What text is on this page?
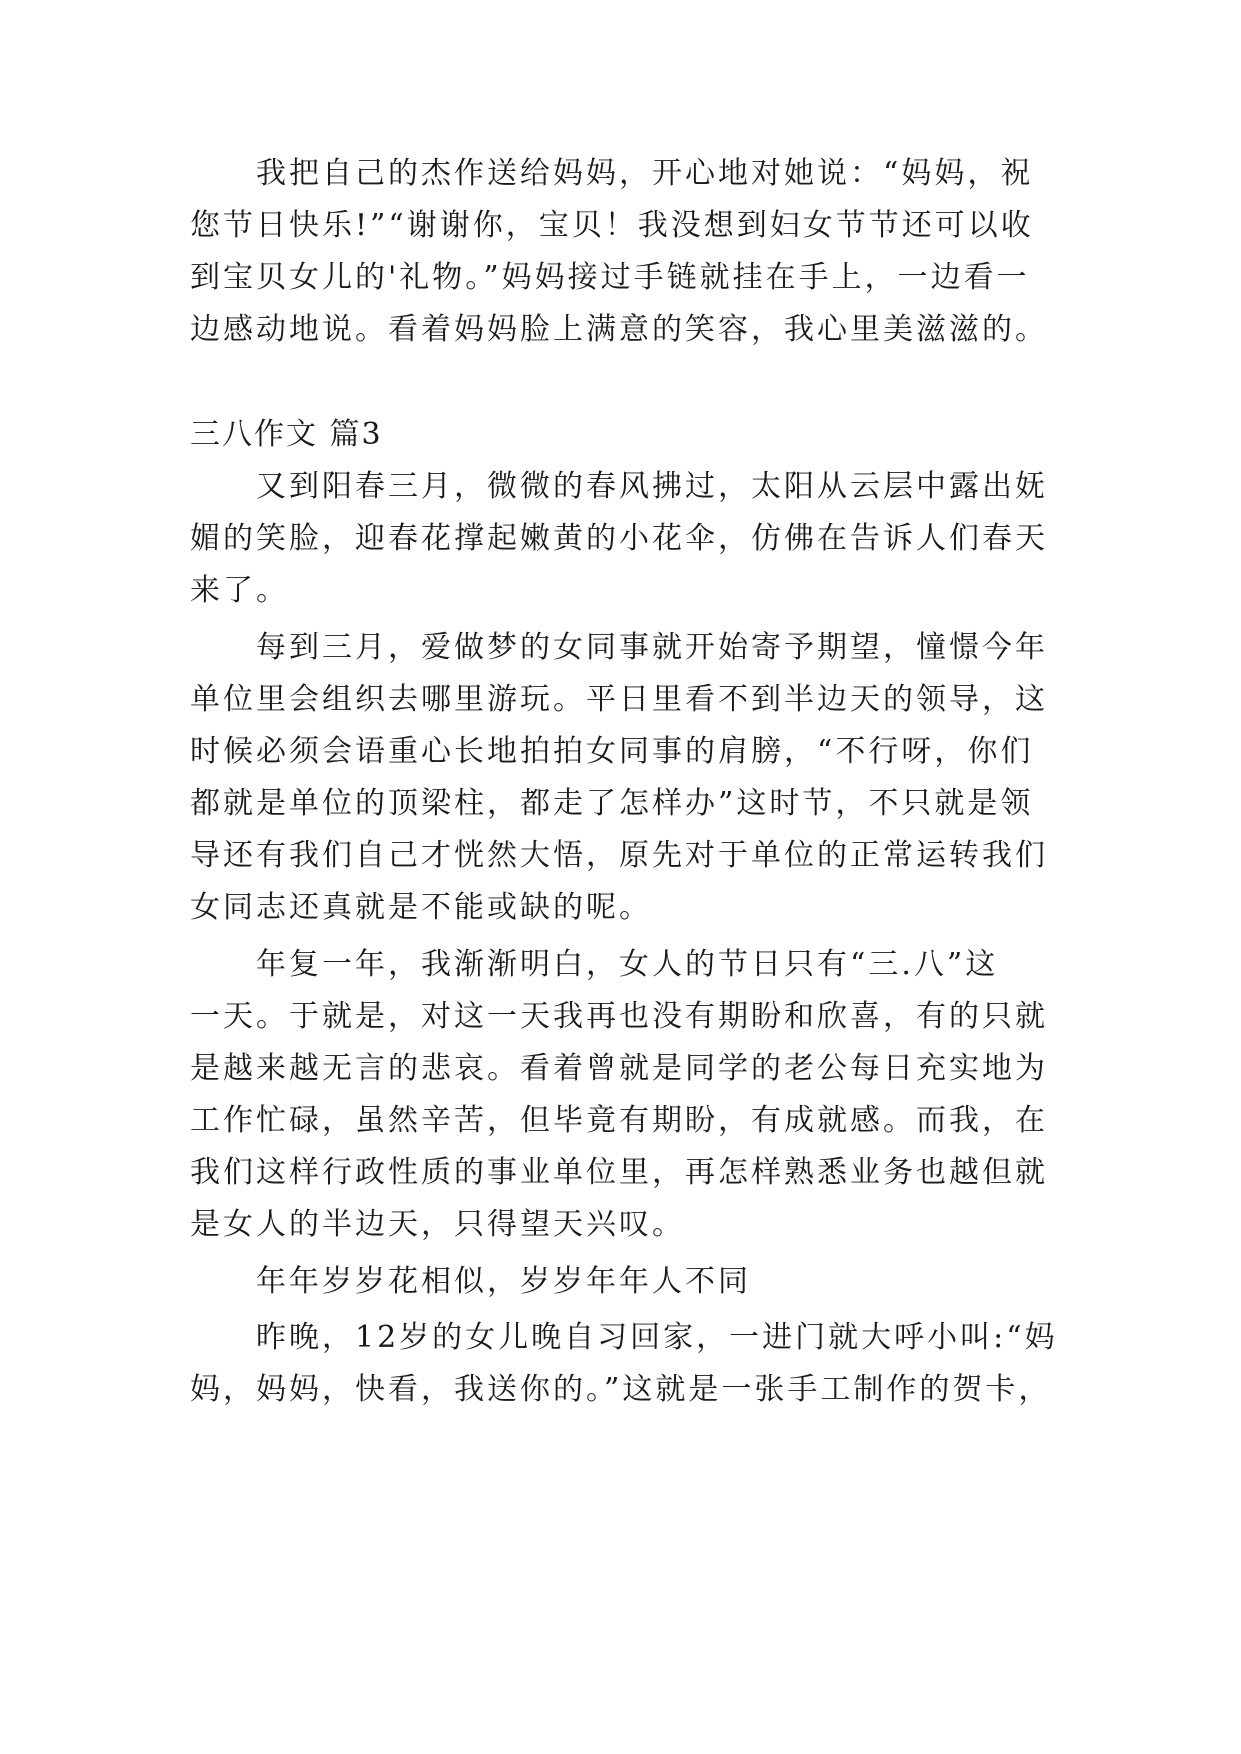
我把自己的杰作送给妈妈，开心地对她说：“妈妈，祝
您节日快乐!”“谢谢你，宝贝！我没想到妇女节节还可以收
到宝贝女儿的'礼物。”妈妈接过手链就挂在手上，一边看一
边感动地说。看着妈妈脸上满意的笑容，我心里美滋滋的。
三八作文 篇3
又到阳春三月，微微的春风拂过，太阳从云层中露出妩
媚的笑脸，迎春花撑起嫩黄的小花伞，仿佛在告诉人们春天
来了。
每到三月，爱做梦的女同事就开始寄予期望，憧憬今年
单位里会组织去哪里游玩。平日里看不到半边天的领导，这
时候必须会语重心长地拍拍女同事的肩膀，“不行呀，你们
都就是单位的顶梁柱，都走了怎样办”这时节，不只就是领
导还有我们自己才恍然大悟，原先对于单位的正常运转我们
女同志还真就是不能或缺的呢。
年复一年，我渐渐明白，女人的节日只有“三.八”这
一天。于就是，对这一天我再也没有期盼和欣喜，有的只就
是越来越无言的悲哀。看着曾就是同学的老公每日充实地为
工作忙碌，虽然辛苦，但毕竟有期盼，有成就感。而我，在
我们这样行政性质的事业单位里，再怎样熟悉业务也越但就
是女人的半边天，只得望天兴叹。
年年岁岁花相似，岁岁年年人不同
昨晚，12岁的女儿晚自习回家，一进门就大呼小叫:“妈
妈，妈妈，快看，我送你的。”这就是一张手工制作的贺卡，
